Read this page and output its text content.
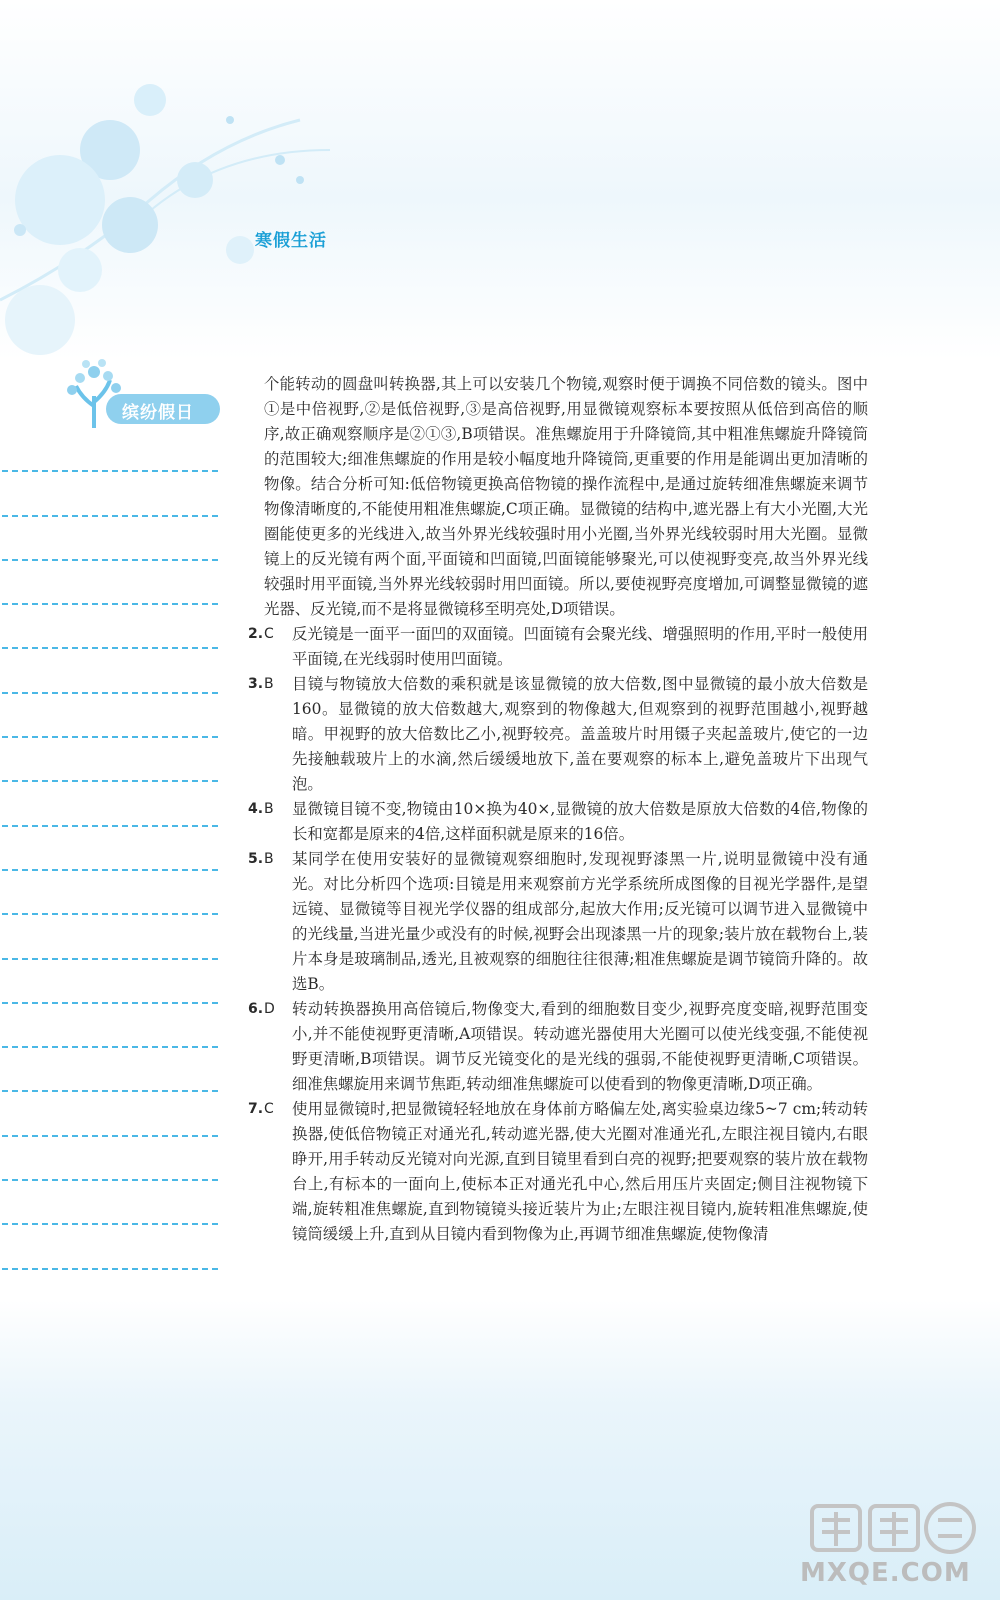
寒假生活
缤纷假日

个能转动的圆盘叫转换器,其上可以安装几个物镜,观察时便于调换不同倍数的镜头。图中①是中倍视野,②是低倍视野,③是高倍视野,用显微镜观察标本要按照从低倍到高倍的顺序,故正确观察顺序是②①③,B项错误。准焦螺旋用于升降镜筒,其中粗准焦螺旋升降镜筒的范围较大;细准焦螺旋的作用是较小幅度地升降镜筒,更重要的作用是能调出更加清晰的物像。结合分析可知:低倍物镜更换高倍物镜的操作流程中,是通过旋转细准焦螺旋来调节物像清晰度的,不能使用粗准焦螺旋,C项正确。显微镜的结构中,遮光器上有大小光圈,大光圈能使更多的光线进入,故当外界光线较强时用小光圈,当外界光线较弱时用大光圈。显微镜上的反光镜有两个面,平面镜和凹面镜,凹面镜能够聚光,可以使视野变亮,故当外界光线较强时用平面镜,当外界光线较弱时用凹面镜。所以,要使视野亮度增加,可调整显微镜的遮光器、反光镜,而不是将显微镜移至明亮处,D项错误。

2. C	反光镜是一面平一面凹的双面镜。凹面镜有会聚光线、增强照明的作用,平时一般使用平面镜,在光线弱时使用凹面镜。
3. B	目镜与物镜放大倍数的乘积就是该显微镜的放大倍数,图中显微镜的最小放大倍数是160。显微镜的放大倍数越大,观察到的物像越大,但观察到的视野范围越小,视野越暗。甲视野的放大倍数比乙小,视野较亮。盖盖玻片时用镊子夹起盖玻片,使它的一边先接触载玻片上的水滴,然后缓缓地放下,盖在要观察的标本上,避免盖玻片下出现气泡。
4. B	显微镜目镜不变,物镜由10×换为40×,显微镜的放大倍数是原放大倍数的4倍,物像的长和宽都是原来的4倍,这样面积就是原来的16倍。
5. B	某同学在使用安装好的显微镜观察细胞时,发现视野漆黑一片,说明显微镜中没有通光。对比分析四个选项:目镜是用来观察前方光学系统所成图像的目视光学器件,是望远镜、显微镜等目视光学仪器的组成部分,起放大作用;反光镜可以调节进入显微镜中的光线量,当进光量少或没有的时候,视野会出现漆黑一片的现象;装片放在载物台上,装片本身是玻璃制品,透光,且被观察的细胞往往很薄;粗准焦螺旋是调节镜筒升降的。故选B。
6. D	转动转换器换用高倍镜后,物像变大,看到的细胞数目变少,视野亮度变暗,视野范围变小,并不能使视野更清晰,A项错误。转动遮光器使用大光圈可以使光线变强,不能使视野更清晰,B项错误。调节反光镜变化的是光线的强弱,不能使视野更清晰,C项错误。细准焦螺旋用来调节焦距,转动细准焦螺旋可以使看到的物像更清晰,D项正确。
7. C	使用显微镜时,把显微镜轻轻地放在身体前方略偏左处,离实验桌边缘5~7 cm;转动转换器,使低倍物镜正对通光孔,转动遮光器,使大光圈对准通光孔,左眼注视目镜内,右眼睁开,用手转动反光镜对向光源,直到目镜里看到白亮的视野;把要观察的装片放在载物台上,有标本的一面向上,使标本正对通光孔中心,然后用压片夹固定;侧目注视物镜下端,旋转粗准焦螺旋,直到物镜镜头接近装片为止;左眼注视目镜内,旋转粗准焦螺旋,使镜筒缓缓上升,直到从目镜内看到物像为止,再调节细准焦螺旋,使物像清
MXQE.COM
